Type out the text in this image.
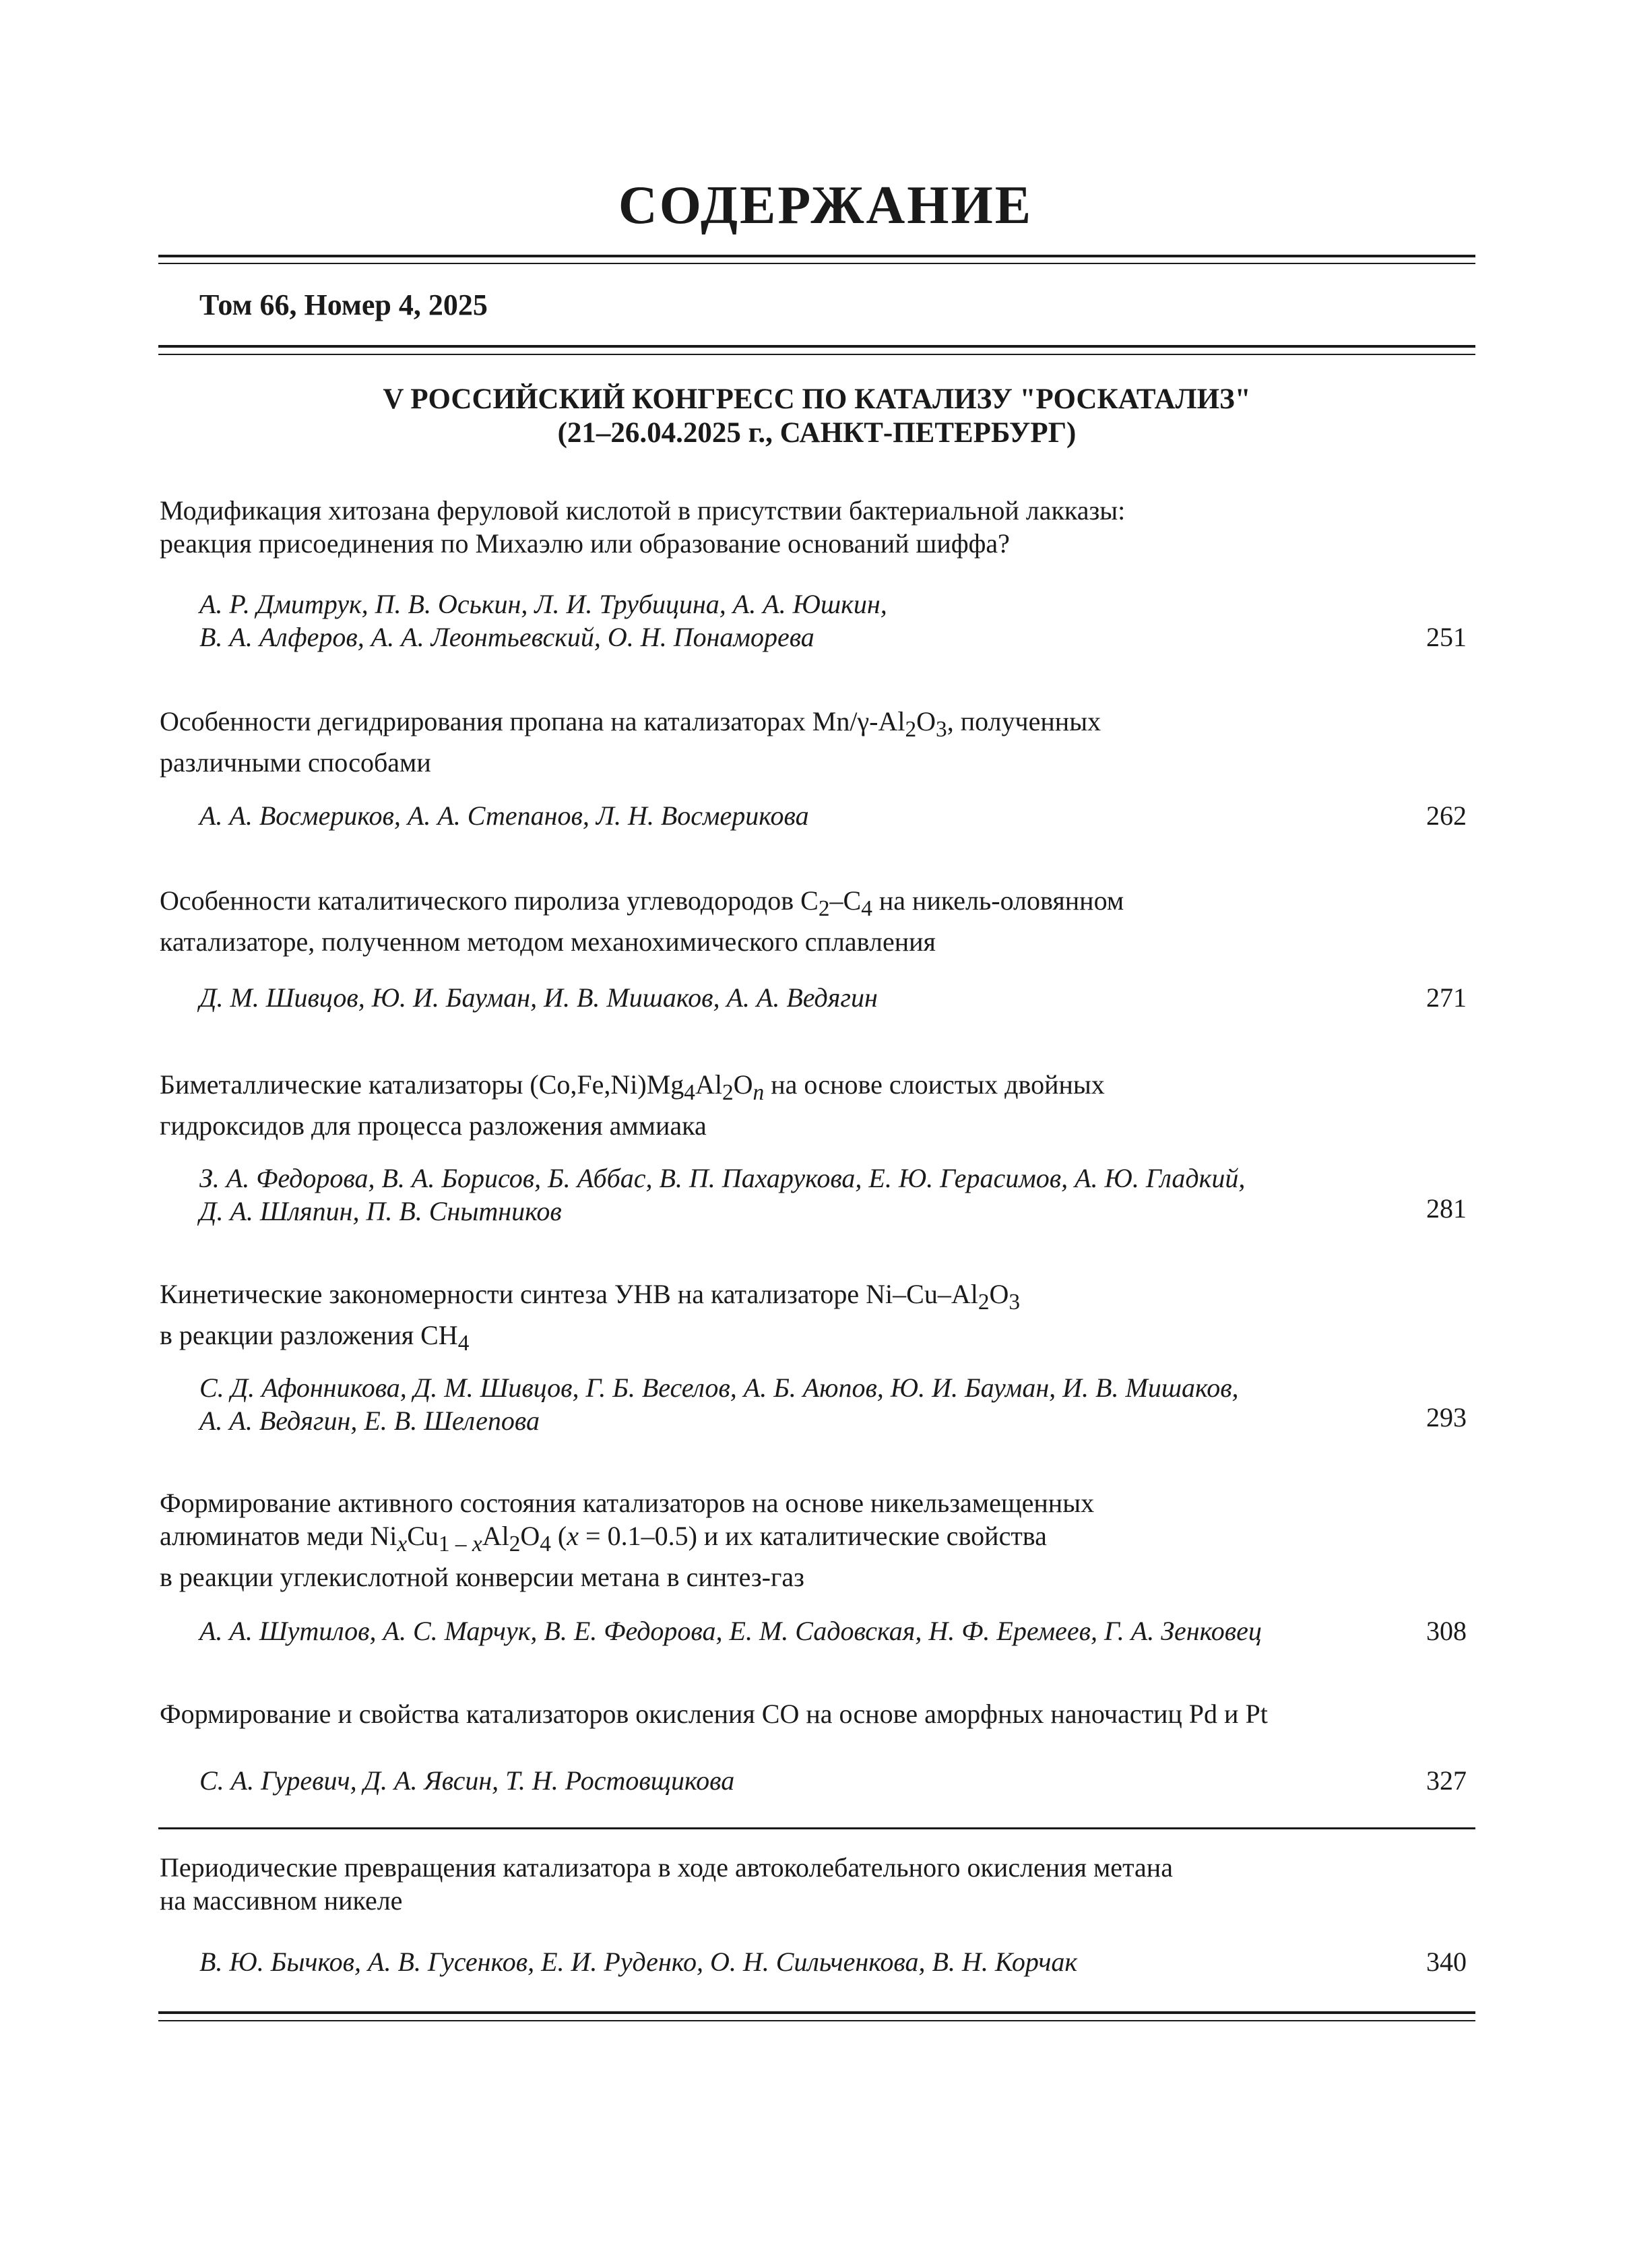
СОДЕРЖАНИЕ
Том 66, Номер 4, 2025
V РОССИЙСКИЙ КОНГРЕСС ПО КАТАЛИЗУ "РОСКАТАЛИЗ"
(21–26.04.2025 г., САНКТ-ПЕТЕРБУРГ)
Модификация хитозана феруловой кислотой в присутствии бактериальной лакказы:
реакция присоединения по Михаэлю или образование оснований шиффа?
А. Р. Дмитрук, П. В. Оськин, Л. И. Трубицина, А. А. Юшкин,
В. А. Алферов, А. А. Леонтьевский, О. Н. Понаморева	251
Особенности дегидрирования пропана на катализаторах $Mn/\gamma-Al_2O_3$, полученных
различными способами
А. А. Восмериков, А. А. Степанов, Л. Н. Восмерикова	262
Особенности каталитического пиролиза углеводородов $C_2-C_4$ на никель-оловянном
катализаторе, полученном методом механохимического сплавления
Д. М. Шивцов, Ю. И. Бауман, И. В. Мишаков, А. А. Ведягин	271
Биметаллические катализаторы $(Co,Fe,Ni)Mg_4Al_2O_n$ на основе слоистых двойных
гидроксидов для процесса разложения аммиака
З. А. Федорова, В. А. Борисов, Б. Аббас, В. П. Пахарукова, Е. Ю. Герасимов, А. Ю. Гладкий,
Д. А. Шляпин, П. В. Снытников	281
Кинетические закономерности синтеза УНВ на катализаторе $Ni-Cu-Al_2O_3$
в реакции разложения $CH_4$
С. Д. Афонникова, Д. М. Шивцов, Г. Б. Веселов, А. Б. Аюпов, Ю. И. Бауман, И. В. Мишаков,
А. А. Ведягин, Е. В. Шелепова	293
Формирование активного состояния катализаторов на основе никельзамещенных
алюминатов меди $Ni_xCu_{1 - x}Al_2O_4$ (x = 0.1–0.5) и их каталитические свойства
в реакции углекислотной конверсии метана в синтез-газ
А. А. Шутилов, А. С. Марчук, В. Е. Федорова, Е. М. Садовская, Н. Ф. Еремеев, Г. А. Зенковец	308
Формирование и свойства катализаторов окисления CO на основе аморфных наночастиц Pd и Pt
С. А. Гуревич, Д. А. Явсин, Т. Н. Ростовщикова	327
Периодические превращения катализатора в ходе автоколебательного окисления метана
на массивном никеле
В. Ю. Бычков, А. В. Гусенков, Е. И. Руденко, О. Н. Сильченкова, В. Н. Корчак	340
